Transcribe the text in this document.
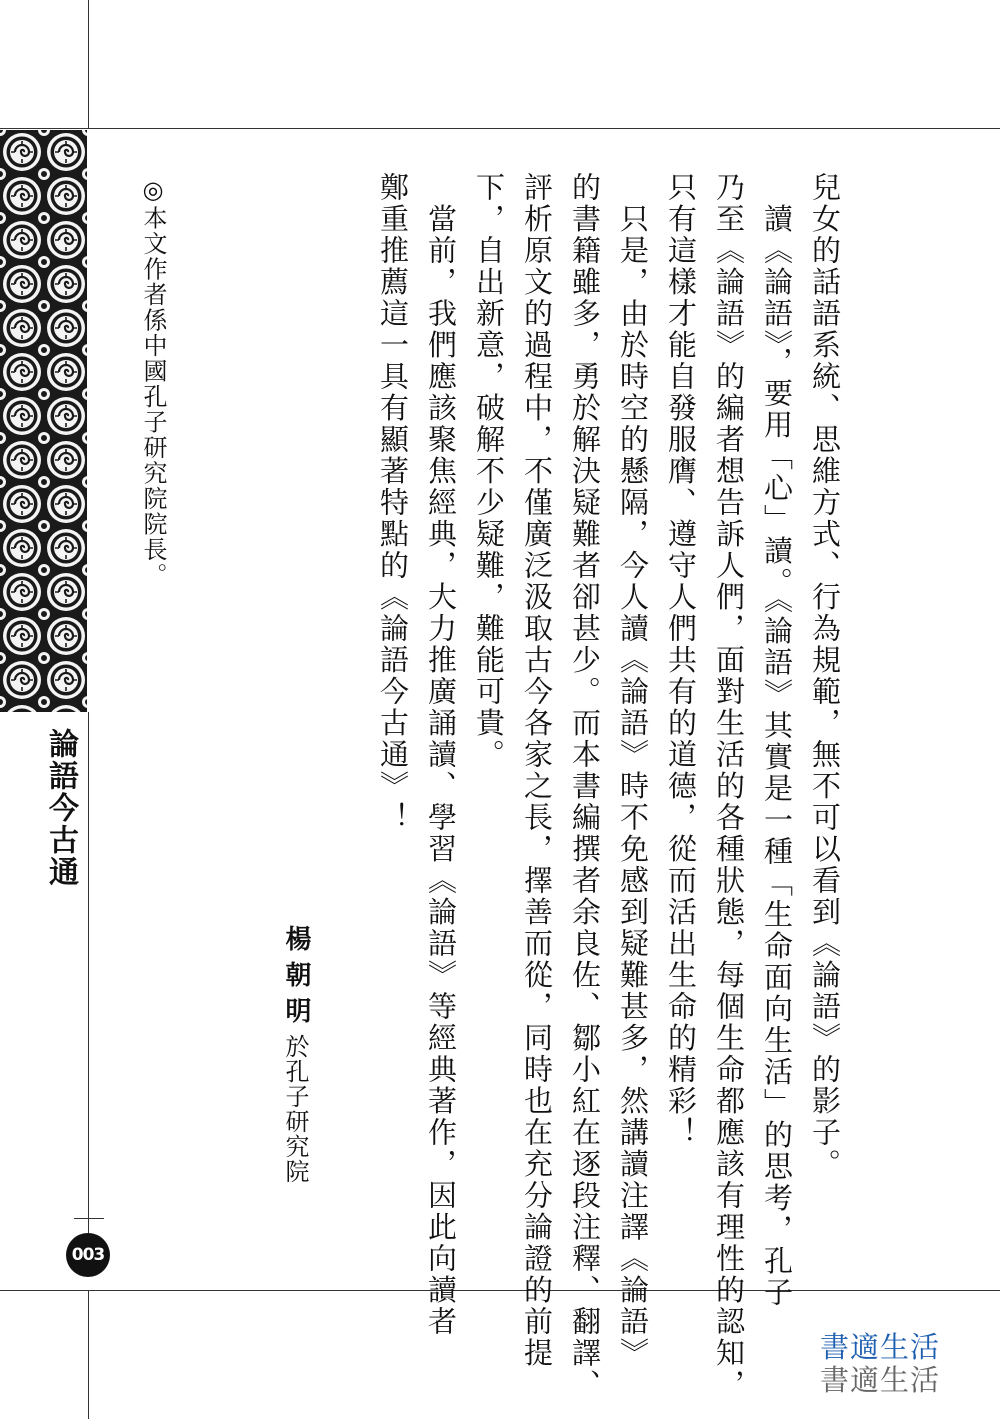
論語今古通
003
兒女的話語系統、思維方式、行為規範，無不可以看到《論語》的影子。
　讀《論語》，要用「心」讀。《論語》其實是一種「生命面向生活」的思考，孔子
乃至《論語》的編者想告訴人們，面對生活的各種狀態，每個生命都應該有理性的認知，
只有這樣才能自發服膺、遵守人們共有的道德，從而活出生命的精彩！
　只是，由於時空的懸隔，今人讀《論語》時不免感到疑難甚多，然講讀注譯《論語》
的書籍雖多，勇於解決疑難者卻甚少。而本書編撰者余良佐、鄒小紅在逐段注釋、翻譯、
評析原文的過程中，不僅廣泛汲取古今各家之長，擇善而從，同時也在充分論證的前提
下，自出新意，破解不少疑難，難能可貴。
　當前，我們應該聚焦經典，大力推廣誦讀、學習《論語》等經典著作，因此向讀者
鄭重推薦這一具有顯著特點的《論語今古通》！
楊朝明
於孔子研究院
◎本文作者係中國孔子研究院院長。
書適生活
書適生活
